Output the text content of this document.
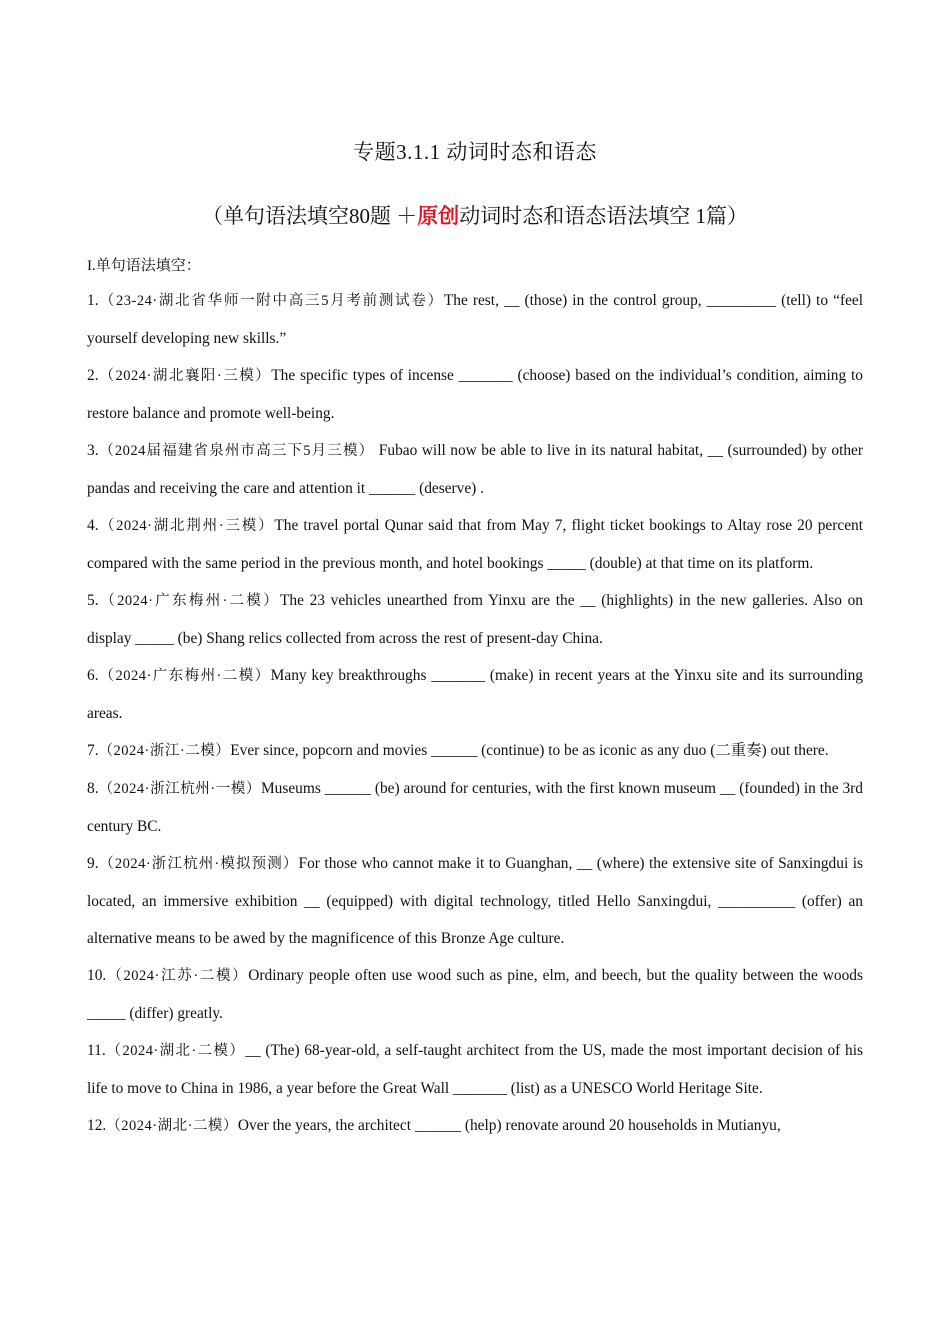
专题3.1.1 动词时态和语态
（单句语法填空80题 ＋原创动词时态和语态语法填空 1篇）
I.单句语法填空：

1.（23-24·湖北省华师一附中高三5月考前测试卷）The rest, __ (those) in the control group, _________ (tell) to “feel yourself developing new skills.”

2.（2024·湖北襄阳·三模）The specific types of incense _______ (choose) based on the individual’s condition, aiming to restore balance and promote well-being.

3.（2024届福建省泉州市高三下5月三模） Fubao will now be able to live in its natural habitat, __ (surrounded) by other pandas and receiving the care and attention it ______ (deserve) .

4.（2024·湖北荆州·三模）The travel portal Qunar said that from May 7, flight ticket bookings to Altay rose 20 percent compared with the same period in the previous month, and hotel bookings _____ (double) at that time on its platform.

5.（2024·广东梅州·二模）The 23 vehicles unearthed from Yinxu are the __ (highlights) in the new galleries. Also on display _____ (be) Shang relics collected from across the rest of present-day China.

6.（2024·广东梅州·二模）Many key breakthroughs _______ (make) in recent years at the Yinxu site and its surrounding areas.

7.（2024·浙江·二模）Ever since, popcorn and movies ______ (continue) to be as iconic as any duo (二重奏) out there.

8.（2024·浙江杭州·一模）Museums ______ (be) around for centuries, with the first known museum __ (founded) in the 3rd century BC.

9.（2024·浙江杭州·模拟预测）For those who cannot make it to Guanghan, __ (where) the extensive site of Sanxingdui is located, an immersive exhibition __ (equipped) with digital technology, titled Hello Sanxingdui, __________ (offer) an alternative means to be awed by the magnificence of this Bronze Age culture.

10.（2024·江苏·二模）Ordinary people often use wood such as pine, elm, and beech, but the quality between the woods _____ (differ) greatly.

11.（2024·湖北·二模）__ (The) 68-year-old, a self-taught architect from the US, made the most important decision of his life to move to China in 1986, a year before the Great Wall _______ (list) as a UNESCO World Heritage Site.

12.（2024·湖北·二模）Over the years, the architect ______ (help) renovate around 20 households in Mutianyu,
